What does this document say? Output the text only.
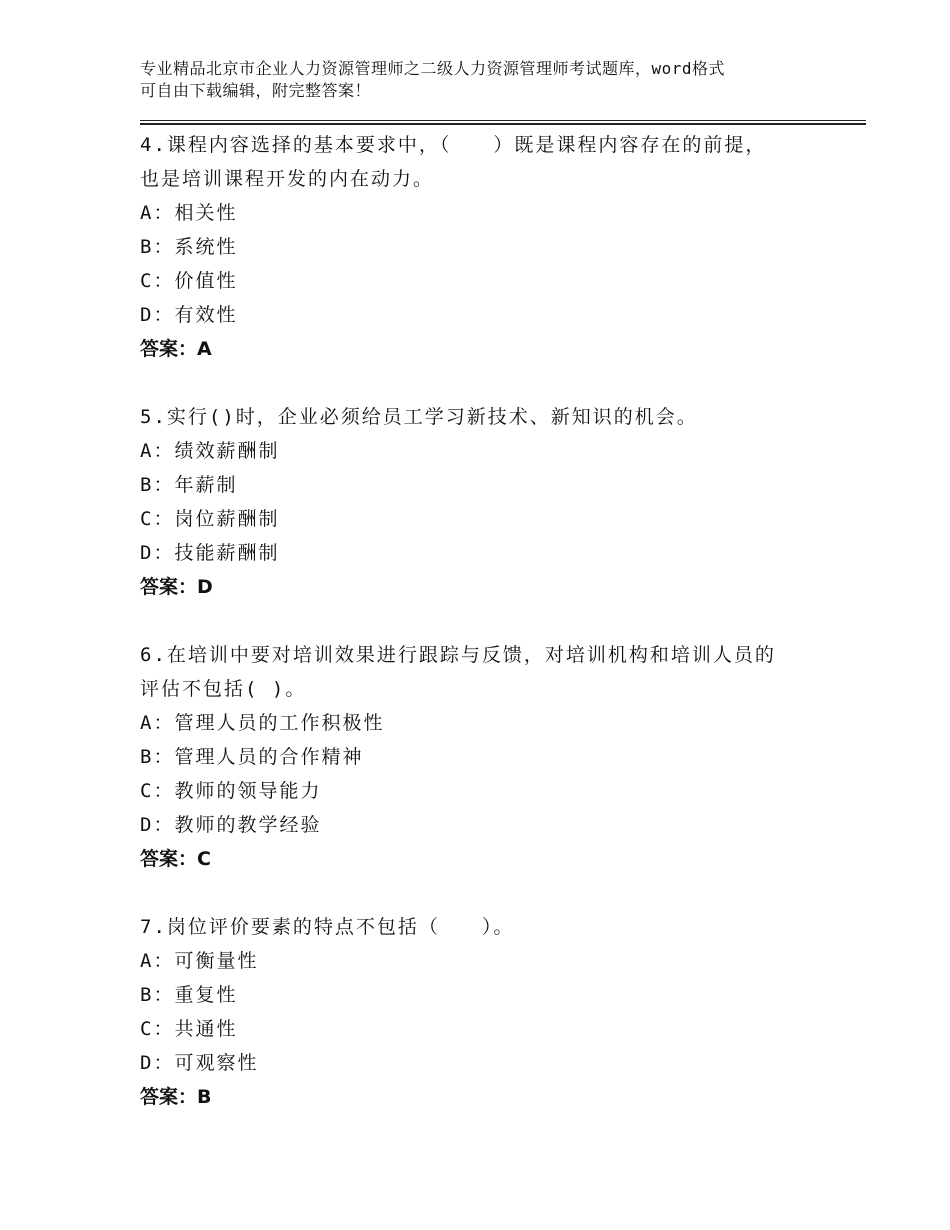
专业精品北京市企业人力资源管理师之二级人力资源管理师考试题库，word格式
可自由下载编辑，附完整答案！

4.课程内容选择的基本要求中，（　　）既是课程内容存在的前提，

也是培训课程开发的内在动力。

A：相关性

B：系统性

C：价值性

D：有效性

答案：A

5.实行()时，企业必须给员工学习新技术、新知识的机会。

A：绩效薪酬制

B：年薪制

C：岗位薪酬制

D：技能薪酬制

答案：D

6.在培训中要对培训效果进行跟踪与反馈，对培训机构和培训人员的

评估不包括( )。

A：管理人员的工作积极性

B：管理人员的合作精神

C：教师的领导能力

D：教师的教学经验

答案：C

7.岗位评价要素的特点不包括（　　）。

A：可衡量性

B：重复性

C：共通性

D：可观察性

答案：B
